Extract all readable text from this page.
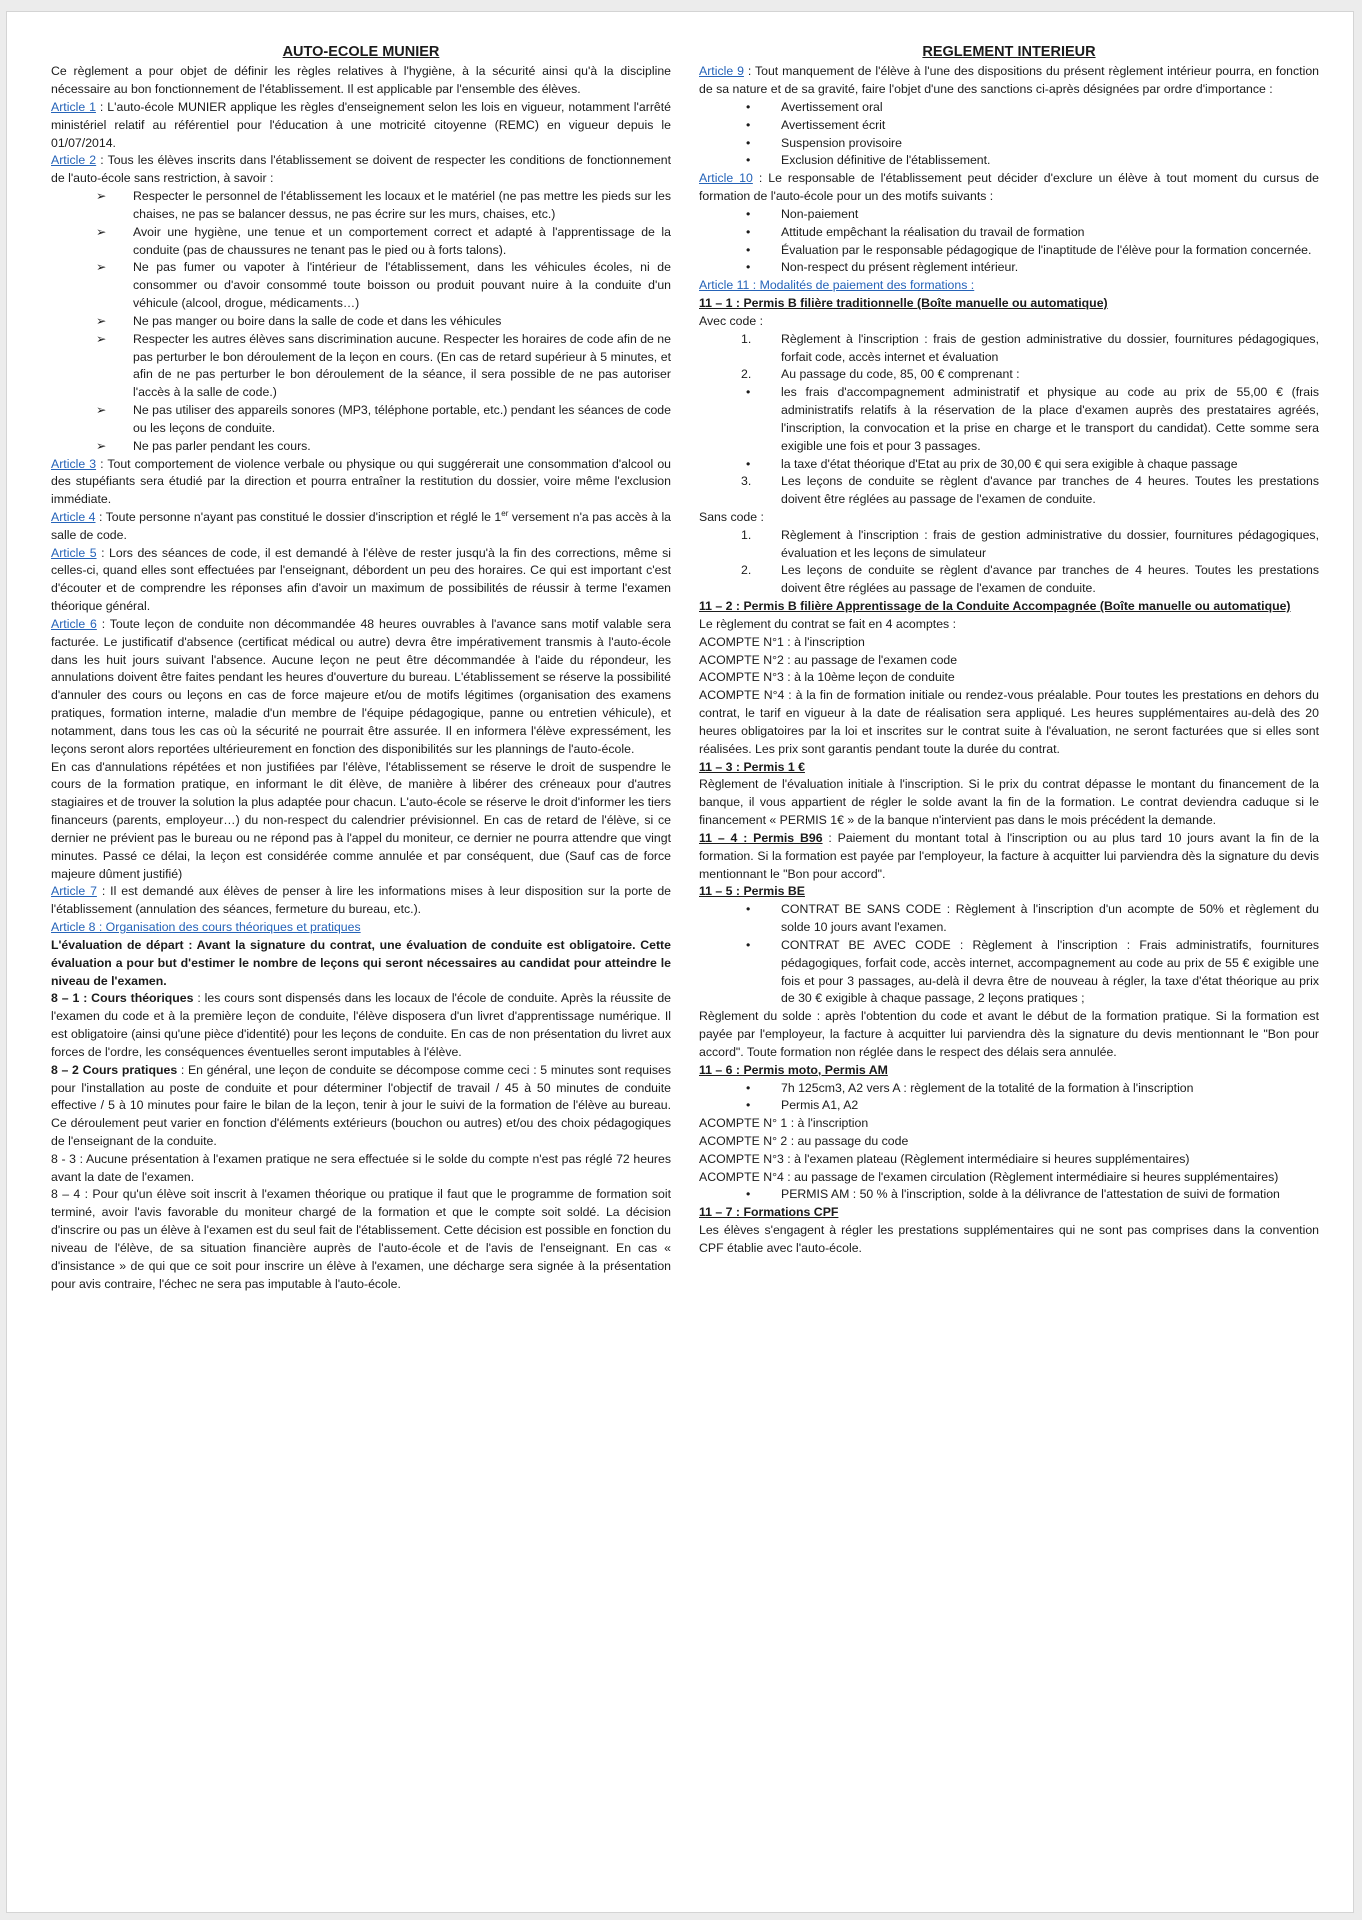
AUTO-ECOLE MUNIER

Ce règlement a pour objet de définir les règles relatives à l'hygiène, à la sécurité ainsi qu'à la discipline nécessaire au bon fonctionnement de l'établissement. Il est applicable par l'ensemble des élèves.

Article 1 : L'auto-école MUNIER applique les règles d'enseignement selon les lois en vigueur, notamment l'arrêté ministériel relatif au référentiel pour l'éducation à une motricité citoyenne (REMC) en vigueur depuis le 01/07/2014.

Article 2 : Tous les élèves inscrits dans l'établissement se doivent de respecter les conditions de fonctionnement de l'auto-école sans restriction, à savoir :

➢ Respecter le personnel de l'établissement les locaux et le matériel (ne pas mettre les pieds sur les chaises, ne pas se balancer dessus, ne pas écrire sur les murs, chaises, etc.)
➢ Avoir une hygiène, une tenue et un comportement correct et adapté à l'apprentissage de la conduite (pas de chaussures ne tenant pas le pied ou à forts talons).
➢ Ne pas fumer ou vapoter à l'intérieur de l'établissement, dans les véhicules écoles, ni de consommer ou d'avoir consommé toute boisson ou produit pouvant nuire à la conduite d'un véhicule (alcool, drogue, médicaments…)
➢ Ne pas manger ou boire dans la salle de code et dans les véhicules
➢ Respecter les autres élèves sans discrimination aucune. Respecter les horaires de code afin de ne pas perturber le bon déroulement de la leçon en cours. (En cas de retard supérieur à 5 minutes, et afin de ne pas perturber le bon déroulement de la séance, il sera possible de ne pas autoriser l'accès à la salle de code.)
➢ Ne pas utiliser des appareils sonores (MP3, téléphone portable, etc.) pendant les séances de code ou les leçons de conduite.
➢ Ne pas parler pendant les cours.

Article 3 : Tout comportement de violence verbale ou physique ou qui suggérerait une consommation d'alcool ou des stupéfiants sera étudié par la direction et pourra entraîner la restitution du dossier, voire même l'exclusion immédiate.

Article 4 : Toute personne n'ayant pas constitué le dossier d'inscription et réglé le 1er versement n'a pas accès à la salle de code.

Article 5 : Lors des séances de code, il est demandé à l'élève de rester jusqu'à la fin des corrections, même si celles-ci, quand elles sont effectuées par l'enseignant, débordent un peu des horaires. Ce qui est important c'est d'écouter et de comprendre les réponses afin d'avoir un maximum de possibilités de réussir à terme l'examen théorique général.

Article 6 : Toute leçon de conduite non décommandée 48 heures ouvrables à l'avance sans motif valable sera facturée. Le justificatif d'absence (certificat médical ou autre) devra être impérativement transmis à l'auto-école dans les huit jours suivant l'absence. Aucune leçon ne peut être décommandée à l'aide du répondeur, les annulations doivent être faites pendant les heures d'ouverture du bureau. L'établissement se réserve la possibilité d'annuler des cours ou leçons en cas de force majeure et/ou de motifs légitimes (organisation des examens pratiques, formation interne, maladie d'un membre de l'équipe pédagogique, panne ou entretien véhicule), et notamment, dans tous les cas où la sécurité ne pourrait être assurée. Il en informera l'élève expressément, les leçons seront alors reportées ultérieurement en fonction des disponibilités sur les plannings de l'auto-école.

En cas d'annulations répétées et non justifiées par l'élève, l'établissement se réserve le droit de suspendre le cours de la formation pratique, en informant le dit élève, de manière à libérer des créneaux pour d'autres stagiaires et de trouver la solution la plus adaptée pour chacun. L'auto-école se réserve le droit d'informer les tiers financeurs (parents, employeur…) du non-respect du calendrier prévisionnel. En cas de retard de l'élève, si ce dernier ne prévient pas le bureau ou ne répond pas à l'appel du moniteur, ce dernier ne pourra attendre que vingt minutes. Passé ce délai, la leçon est considérée comme annulée et par conséquent, due (Sauf cas de force majeure dûment justifié)

Article 7 : Il est demandé aux élèves de penser à lire les informations mises à leur disposition sur la porte de l'établissement (annulation des séances, fermeture du bureau, etc.).

Article 8 : Organisation des cours théoriques et pratiques

L'évaluation de départ : Avant la signature du contrat, une évaluation de conduite est obligatoire. Cette évaluation a pour but d'estimer le nombre de leçons qui seront nécessaires au candidat pour atteindre le niveau de l'examen.

8 – 1 : Cours théoriques : les cours sont dispensés dans les locaux de l'école de conduite. Après la réussite de l'examen du code et à la première leçon de conduite, l'élève disposera d'un livret d'apprentissage numérique. Il est obligatoire (ainsi qu'une pièce d'identité) pour les leçons de conduite. En cas de non présentation du livret aux forces de l'ordre, les conséquences éventuelles seront imputables à l'élève.

8 – 2 Cours pratiques : En général, une leçon de conduite se décompose comme ceci : 5 minutes sont requises pour l'installation au poste de conduite et pour déterminer l'objectif de travail / 45 à 50 minutes de conduite effective / 5 à 10 minutes pour faire le bilan de la leçon, tenir à jour le suivi de la formation de l'élève au bureau. Ce déroulement peut varier en fonction d'éléments extérieurs (bouchon ou autres) et/ou des choix pédagogiques de l'enseignant de la conduite.

8 - 3 : Aucune présentation à l'examen pratique ne sera effectuée si le solde du compte n'est pas réglé 72 heures avant la date de l'examen.

8 – 4 : Pour qu'un élève soit inscrit à l'examen théorique ou pratique il faut que le programme de formation soit terminé, avoir l'avis favorable du moniteur chargé de la formation et que le compte soit soldé. La décision d'inscrire ou pas un élève à l'examen est du seul fait de l'établissement. Cette décision est possible en fonction du niveau de l'élève, de sa situation financière auprès de l'auto-école et de l'avis de l'enseignant. En cas « d'insistance » de qui que ce soit pour inscrire un élève à l'examen, une décharge sera signée à la présentation pour avis contraire, l'échec ne sera pas imputable à l'auto-école.

REGLEMENT INTERIEUR

Article 9 : Tout manquement de l'élève à l'une des dispositions du présent règlement intérieur pourra, en fonction de sa nature et de sa gravité, faire l'objet d'une des sanctions ci-après désignées par ordre d'importance :

• Avertissement oral
• Avertissement écrit
• Suspension provisoire
• Exclusion définitive de l'établissement.

Article 10 : Le responsable de l'établissement peut décider d'exclure un élève à tout moment du cursus de formation de l'auto-école pour un des motifs suivants :

• Non-paiement
• Attitude empêchant la réalisation du travail de formation
• Évaluation par le responsable pédagogique de l'inaptitude de l'élève pour la formation concernée.
• Non-respect du présent règlement intérieur.

Article 11 : Modalités de paiement des formations :

11 – 1 : Permis B filière traditionnelle (Boîte manuelle ou automatique)

Avec code :

1. Règlement à l'inscription : frais de gestion administrative du dossier, fournitures pédagogiques, forfait code, accès internet et évaluation
2. Au passage du code, 85, 00 € comprenant :
• les frais d'accompagnement administratif et physique au code au prix de 55,00 € (frais administratifs relatifs à la réservation de la place d'examen auprès des prestataires agréés, l'inscription, la convocation et la prise en charge et le transport du candidat). Cette somme sera exigible une fois et pour 3 passages.
• la taxe d'état théorique d'Etat au prix de 30,00 € qui sera exigible à chaque passage
3. Les leçons de conduite se règlent d'avance par tranches de 4 heures. Toutes les prestations doivent être réglées au passage de l'examen de conduite.

Sans code :

1. Règlement à l'inscription : frais de gestion administrative du dossier, fournitures pédagogiques, évaluation et les leçons de simulateur
2. Les leçons de conduite se règlent d'avance par tranches de 4 heures. Toutes les prestations doivent être réglées au passage de l'examen de conduite.

11 – 2 : Permis B filière Apprentissage de la Conduite Accompagnée (Boîte manuelle ou automatique)

Le règlement du contrat se fait en 4 acomptes :

ACOMPTE N°1 : à l'inscription

ACOMPTE N°2 : au passage de l'examen code

ACOMPTE N°3 : à la 10ème leçon de conduite

ACOMPTE N°4 : à la fin de formation initiale ou rendez-vous préalable. Pour toutes les prestations en dehors du contrat, le tarif en vigueur à la date de réalisation sera appliqué. Les heures supplémentaires au-delà des 20 heures obligatoires par la loi et inscrites sur le contrat suite à l'évaluation, ne seront facturées que si elles sont réalisées. Les prix sont garantis pendant toute la durée du contrat.

11 – 3 : Permis 1 €

Règlement de l'évaluation initiale à l'inscription. Si le prix du contrat dépasse le montant du financement de la banque, il vous appartient de régler le solde avant la fin de la formation. Le contrat deviendra caduque si le financement « PERMIS 1€ » de la banque n'intervient pas dans le mois précédent la demande.

11 – 4 : Permis B96 : Paiement du montant total à l'inscription ou au plus tard 10 jours avant la fin de la formation. Si la formation est payée par l'employeur, la facture à acquitter lui parviendra dès la signature du devis mentionnant le "Bon pour accord".

11 – 5 : Permis BE

• CONTRAT BE SANS CODE : Règlement à l'inscription d'un acompte de 50% et règlement du solde 10 jours avant l'examen.
• CONTRAT BE AVEC CODE : Règlement à l'inscription : Frais administratifs, fournitures pédagogiques, forfait code, accès internet, accompagnement au code au prix de 55 € exigible une fois et pour 3 passages, au-delà il devra être de nouveau à régler, la taxe d'état théorique au prix de 30 € exigible à chaque passage, 2 leçons pratiques ;

Règlement du solde : après l'obtention du code et avant le début de la formation pratique. Si la formation est payée par l'employeur, la facture à acquitter lui parviendra dès la signature du devis mentionnant le "Bon pour accord". Toute formation non réglée dans le respect des délais sera annulée.

11 – 6 : Permis moto, Permis AM

• 7h 125cm3, A2 vers A : règlement de la totalité de la formation à l'inscription
• Permis A1, A2

ACOMPTE N° 1 : à l'inscription

ACOMPTE N° 2 : au passage du code

ACOMPTE N°3 : à l'examen plateau (Règlement intermédiaire si heures supplémentaires)

ACOMPTE N°4 : au passage de l'examen circulation (Règlement intermédiaire si heures supplémentaires)

• PERMIS AM : 50 % à l'inscription, solde à la délivrance de l'attestation de suivi de formation

11 – 7 : Formations CPF

Les élèves s'engagent à régler les prestations supplémentaires qui ne sont pas comprises dans la convention CPF établie avec l'auto-école.
